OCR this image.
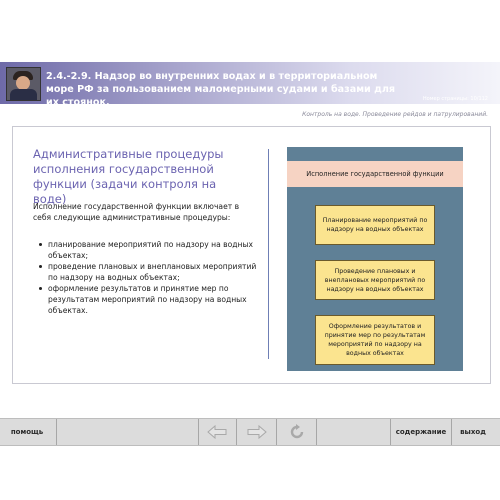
2.4.-2.9. Надзор во внутренних водах и в территориальном море РФ за пользованием маломерными судами и базами для их стоянок.	Номер страницы: 10/112
Контроль на воде. Проведение рейдов и патрулирований.
Административные процедуры исполнения государственной функции (задачи контроля на воде)
Исполнение государственной функции включает в себя следующие административные процедуры:
планирование мероприятий по надзору на водных объектах;
проведение плановых и внеплановых мероприятий по надзору на водных объектах;
оформление результатов и принятие мер по результатам мероприятий по надзору на водных объектах.
Исполнение государственной функции
Планирование мероприятий по надзору на водных объектах
Проведение плановых и внеплановых мероприятий по надзору на водных объектах
Оформление результатов и принятие мер по результатам мероприятий по надзору на водных объектах
помощь	содержание	выход
